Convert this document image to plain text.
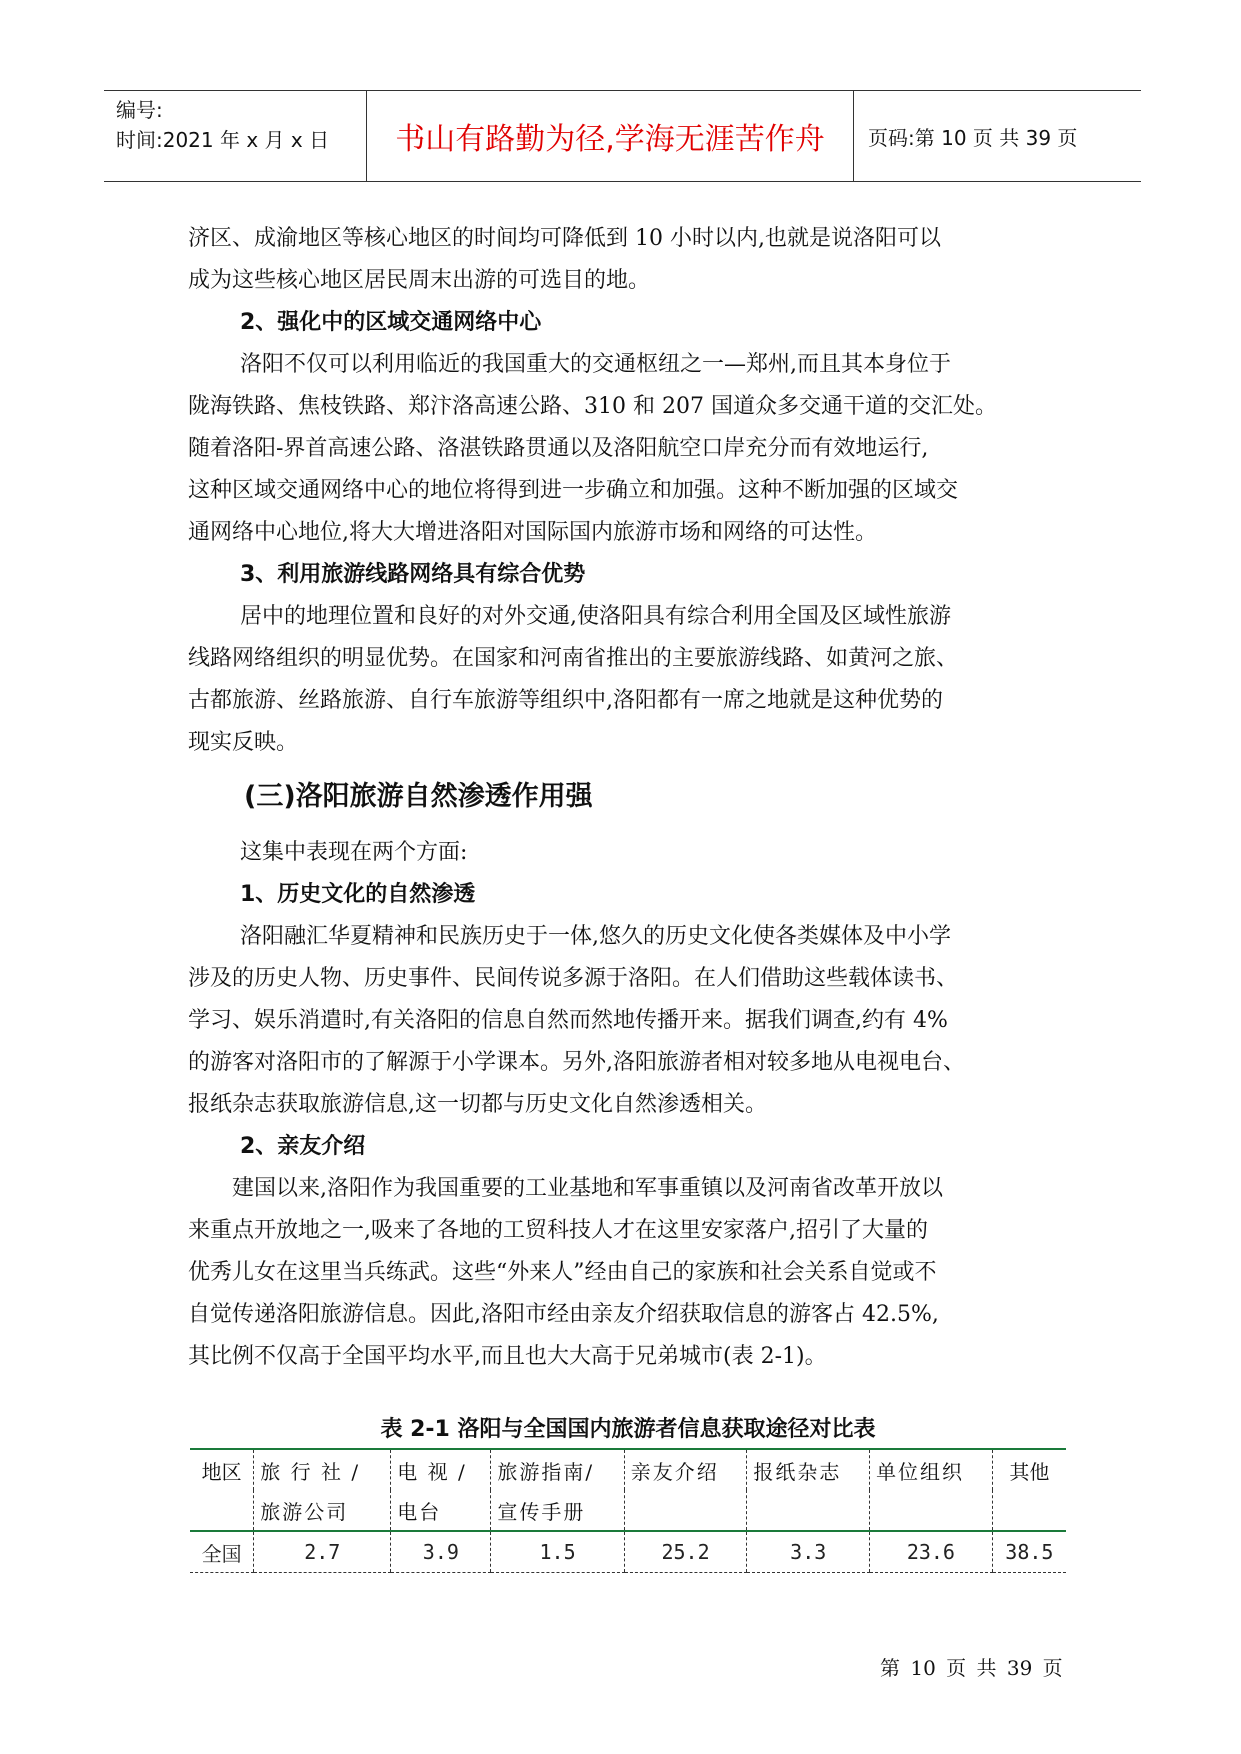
编号:
时间:2021 年 x 月 x 日	书山有路勤为径,学海无涯苦作舟	页码:第 10 页 共 39 页

济区、成渝地区等核心地区的时间均可降低到 10 小时以内,也就是说洛阳可以

成为这些核心地区居民周末出游的可选目的地。

2、强化中的区域交通网络中心

洛阳不仅可以利用临近的我国重大的交通枢纽之一—郑州,而且其本身位于

陇海铁路、焦枝铁路、郑汴洛高速公路、310 和 207 国道众多交通干道的交汇处。

随着洛阳-界首高速公路、洛湛铁路贯通以及洛阳航空口岸充分而有效地运行,

这种区域交通网络中心的地位将得到进一步确立和加强。这种不断加强的区域交

通网络中心地位,将大大增进洛阳对国际国内旅游市场和网络的可达性。

3、利用旅游线路网络具有综合优势

居中的地理位置和良好的对外交通,使洛阳具有综合利用全国及区域性旅游

线路网络组织的明显优势。在国家和河南省推出的主要旅游线路、如黄河之旅、

古都旅游、丝路旅游、自行车旅游等组织中,洛阳都有一席之地就是这种优势的

现实反映。

(三)洛阳旅游自然渗透作用强

这集中表现在两个方面:

1、历史文化的自然渗透

洛阳融汇华夏精神和民族历史于一体,悠久的历史文化使各类媒体及中小学

涉及的历史人物、历史事件、民间传说多源于洛阳。在人们借助这些载体读书、

学习、娱乐消遣时,有关洛阳的信息自然而然地传播开来。据我们调查,约有 4%

的游客对洛阳市的了解源于小学课本。另外,洛阳旅游者相对较多地从电视电台、

报纸杂志获取旅游信息,这一切都与历史文化自然渗透相关。

2、亲友介绍

建国以来,洛阳作为我国重要的工业基地和军事重镇以及河南省改革开放以

来重点开放地之一,吸来了各地的工贸科技人才在这里安家落户,招引了大量的

优秀儿女在这里当兵练武。这些“外来人”经由自己的家族和社会关系自觉或不

自觉传递洛阳旅游信息。因此,洛阳市经由亲友介绍获取信息的游客占 42.5%,

其比例不仅高于全国平均水平,而且也大大高于兄弟城市(表 2-1)。

表 2-1 洛阳与全国国内旅游者信息获取途径对比表
地区	旅 行 社 /	电 视 /	旅游指南/	亲友介绍	报纸杂志	单位组织	其他
	旅游公司	电台	宣传手册				
全国	2.7	3.9	1.5	25.2	3.3	23.6	38.5
第 10 页 共 39 页
